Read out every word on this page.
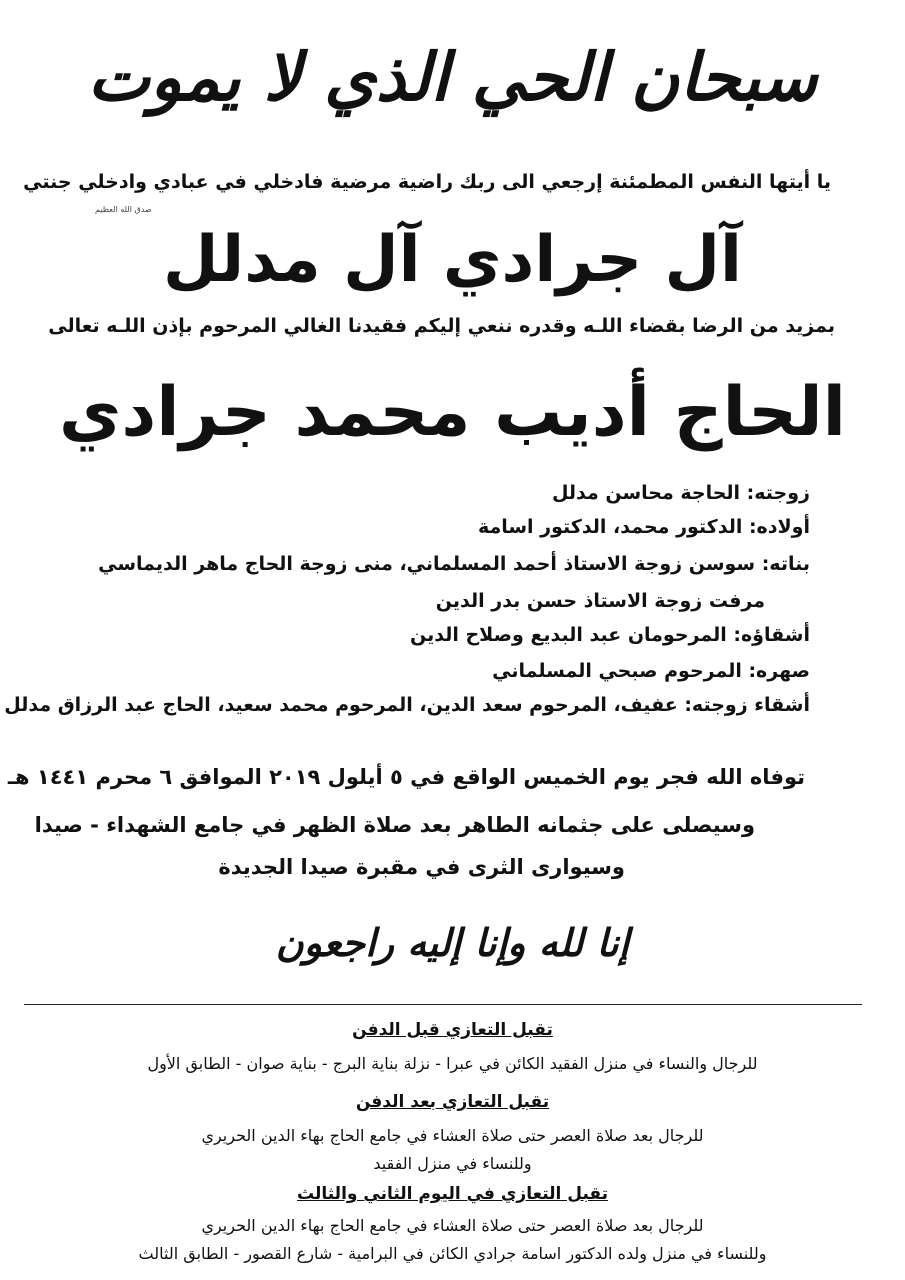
سبحان الحي الذي لا يموت
يا أيتها النفس المطمئنة إرجعي الى ربك راضية مرضية فادخلي في عبادي وادخلي جنتي
صدق الله العظيم
آل جرادي آل مدلل
بمزيد من الرضا بقضاء اللـه وقدره ننعي إليكم فقيدنا الغالي المرحوم بإذن اللـه تعالى
الحاج أديب محمد جرادي
زوجته: الحاجة محاسن مدلل
أولاده: الدكتور محمد، الدكتور اسامة
بناته: سوسن زوجة الاستاذ أحمد المسلماني، منى زوجة الحاج ماهر الديماسي
مرفت زوجة الاستاذ حسن بدر الدين
أشقاؤه: المرحومان عبد البديع وصلاح الدين
صهره: المرحوم صبحي المسلماني
أشقاء زوجته: عفيف، المرحوم سعد الدين، المرحوم محمد سعيد، الحاج عبد الرزاق مدلل
توفاه الله فجر يوم الخميس الواقع في ٥ أيلول ٢٠١٩ الموافق ٦ محرم ١٤٤١ هـ
وسيصلى على جثمانه الطاهر بعد صلاة الظهر في جامع الشهداء - صيدا
وسيوارى الثرى في مقبرة صيدا الجديدة
إنا لله وإنا إليه راجعون
تقبل التعازي قبل الدفن
للرجال والنساء في منزل الفقيد الكائن في عبرا - نزلة بناية البرج - بناية صوان - الطابق الأول
تقبل التعازي بعد الدفن
للرجال بعد صلاة العصر حتى صلاة العشاء في جامع الحاج بهاء الدين الحريري
وللنساء في منزل الفقيد
تقبل التعازي في اليوم الثاني والثالث
للرجال بعد صلاة العصر حتى صلاة العشاء في جامع الحاج بهاء الدين الحريري
وللنساء في منزل ولده الدكتور اسامة جرادي الكائن في البرامية - شارع القصور - الطابق الثالث
